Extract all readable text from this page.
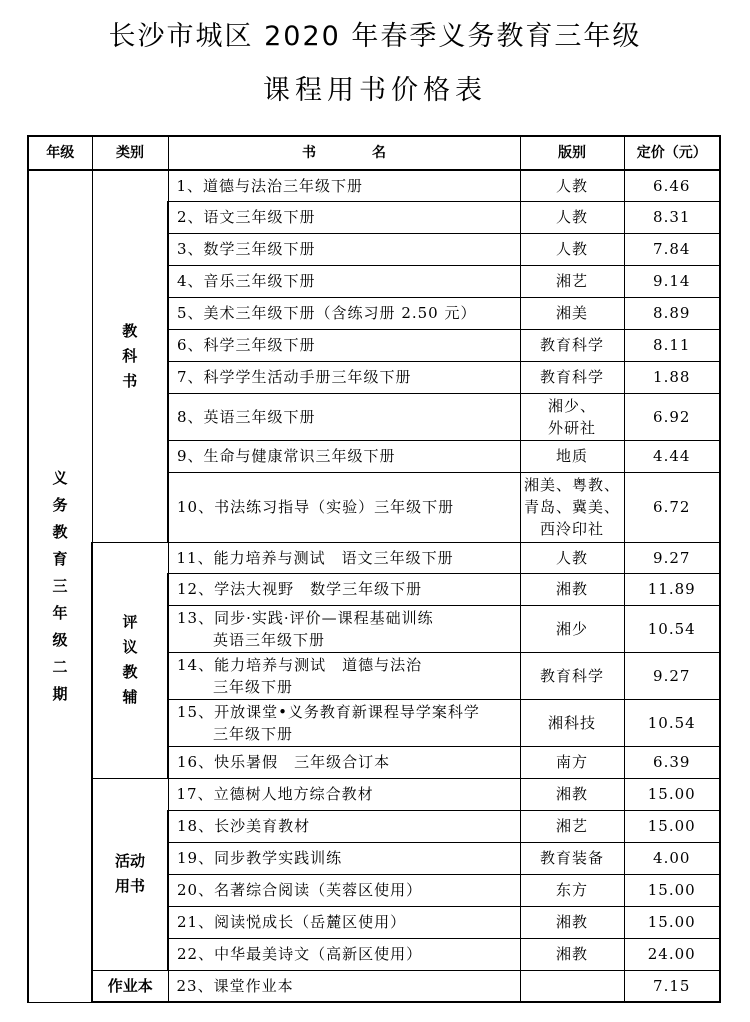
长沙市城区 2020 年春季义务教育三年级
课程用书价格表
年级	类别	书　　　　名	版别	定价（元）
义务教育三年级二期	教科书	1、道德与法治三年级下册	人教	6.46
		2、语文三年级下册	人教	8.31
		3、数学三年级下册	人教	7.84
		4、音乐三年级下册	湘艺	9.14
		5、美术三年级下册（含练习册 2.50 元）	湘美	8.89
		6、科学三年级下册	教育科学	8.11
		7、科学学生活动手册三年级下册	教育科学	1.88
		8、英语三年级下册	湘少、
外研社	6.92
		9、生命与健康常识三年级下册	地质	4.44
		10、书法练习指导（实验）三年级下册	湘美、粤教、
青岛、冀美、
西泠印社	6.72
	评议教辅	11、能力培养与测试　语文三年级下册	人教	9.27
		12、学法大视野　数学三年级下册	湘教	11.89

		13、同步·实践·评价—课程基础训练
英语三年级下册	湘少	10.54

		14、能力培养与测试　道德与法治
三年级下册	教育科学	9.27

		15、开放课堂•义务教育新课程导学案科学
三年级下册	湘科技	10.54
		16、快乐暑假　三年级合订本	南方	6.39
	活动用书	17、立德树人地方综合教材	湘教	15.00
		18、长沙美育教材	湘艺	15.00
		19、同步教学实践训练	教育装备	4.00
		20、名著综合阅读（芙蓉区使用）	东方	15.00
		21、阅读悦成长（岳麓区使用）	湘教	15.00
		22、中华最美诗文（高新区使用）	湘教	24.00
	作业本	23、课堂作业本		7.15
